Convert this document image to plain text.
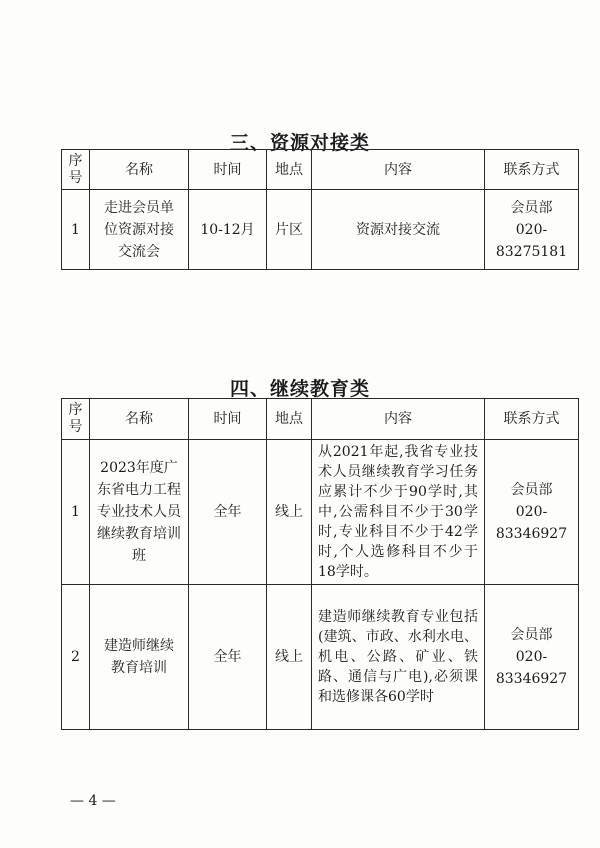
三、资源对接类
序号	名称	时间	地点	内容	联系方式
1	走进会员单位资源对接交流会	10-12月	片区	资源对接交流	会员部
020-83275181
四、继续教育类
序号	名称	时间	地点	内容	联系方式
1	2023年度广东省电力工程专业技术人员继续教育培训班	全年	线上	从2021年起,我省专业技术人员继续教育学习任务应累计不少于90学时,其中,公需科目不少于30学时,专业科目不少于42学时,个人选修科目不少于18学时。	会员部
020-83346927

2	建造师继续教育培训	全年	线上	建造师继续教育专业包括(建筑、市政、水利水电、机电、公路、矿业、铁路、通信与广电),必须课和选修课各60学时	会员部
020-83346927
— 4 —
